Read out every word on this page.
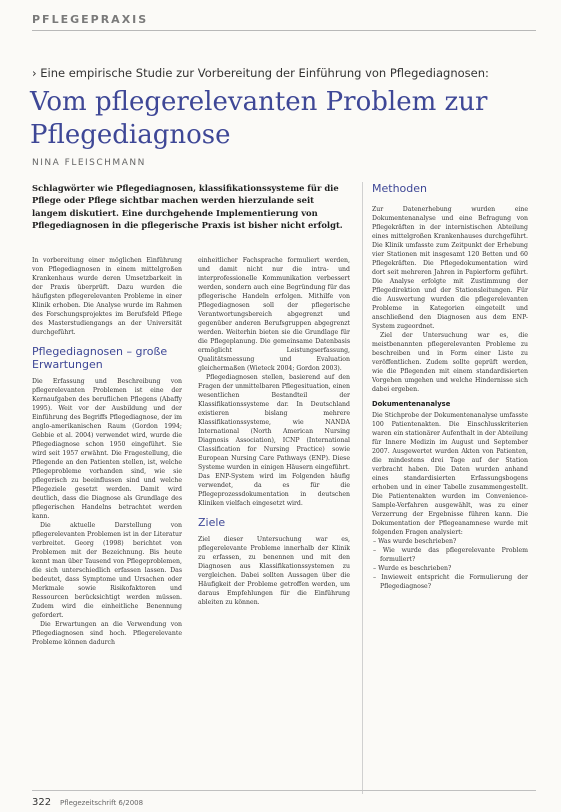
PFLEGEPRAXIS
› Eine empirische Studie zur Vorbereitung der Einführung von Pflegediagnosen:
Vom pflegerelevanten Problem zur Pflegediagnose
NINA FLEISCHMANN
Schlagwörter wie Pflegediagnosen, klassifikationssysteme für die Pflege oder Pflege sichtbar machen werden hierzulande seit langem diskutiert. Eine durchgehende Implementierung von Pflegediagnosen in die pflegerische Praxis ist bisher nicht erfolgt.

In vorbereitung einer möglichen Einführung von Pflegediagnosen in einem mittelgroßen Krankenhaus wurde deren Umsetzbarkeit in der Praxis überprüft. Dazu wurden die häufigsten pflegerelevanten Probleme in einer Klinik erhoben. Die Analyse wurde im Rahmen des Forschungsprojektes im Berufsfeld Pflege des Masterstudiengangs an der Universität durchgeführt.

Pflegediagnosen – große Erwartungen

Die Erfassung und Beschreibung von pflegerelevanten Problemen ist eine der Kernaufgaben des beruflichen Pflegens (Abaffy 1995). Weit vor der Ausbildung und der Einführung des Begriffs Pflegediagnose, der im anglo-amerikanischen Raum (Gordon 1994; Gebbie et al. 2004) verwendet wird, wurde die Pflegediagnose schon 1950 eingeführt. Sie wird seit 1957 erwähnt. Die Fragestellung, die Pflegende an den Patienten stellen, ist, welche Pflegeprobleme vorhanden sind, wie sie pflegerisch zu beeinflussen sind und welche Pflegeziele gesetzt werden. Damit wird deutlich, dass die Diagnose als Grundlage des pflegerischen Handelns betrachtet werden kann.

Die aktuelle Darstellung von pflegerelevanten Problemen ist in der Literatur verbreitet. Georg (1998) berichtet von Problemen mit der Bezeichnung. Bis heute kennt man über Tausend von Pflegeproblemen, die sich unterschiedlich erfassen lassen. Das bedeutet, dass Symptome und Ursachen oder Merkmale sowie Risikofaktoren und Ressourcen berücksichtigt werden müssen. Zudem wird die einheitliche Benennung gefordert.

Die Erwartungen an die Verwendung von Pflegediagnosen sind hoch. Pflegerelevante Probleme können dadurch

einheitlicher Fachsprache formuliert werden, und damit nicht nur die intra- und interprofessionelle Kommunikation verbessert werden, sondern auch eine Begründung für das pflegerische Handeln erfolgen. Mithilfe von Pflegediagnosen soll der pflegerische Verantwortungsbereich abgegrenzt und gegenüber anderen Berufsgruppen abgegrenzt werden. Weiterhin bieten sie die Grundlage für die Pflegeplanung. Die gemeinsame Datenbasis ermöglicht Leistungserfassung, Qualitätsmessung und Evaluation gleichermaßen (Wieteck 2004; Gordon 2003).

Pflegediagnosen stellen, basierend auf den Fragen der unmittelbaren Pflegesituation, einen wesentlichen Bestandteil der Klassifikationssysteme dar. In Deutschland existieren bislang mehrere Klassifikationssysteme, wie NANDA International (North American Nursing Diagnosis Association), ICNP (International Classification for Nursing Practice) sowie European Nursing Care Pathways (ENP). Diese Systeme wurden in einigen Häusern eingeführt. Das ENP-System wird im Folgenden häufig verwendet, da es für die Pflegeprozessdokumentation in deutschen Kliniken vielfach eingesetzt wird.

Ziele

Ziel dieser Untersuchung war es, pflegerelevante Probleme innerhalb der Klinik zu erfassen, zu benennen und mit den Diagnosen aus Klassifikationssystemen zu vergleichen. Dabei sollten Aussagen über die Häufigkeit der Probleme getroffen werden, um daraus Empfehlungen für die Einführung ableiten zu können.

Methoden

Zur Datenerhebung wurden eine Dokumentenanalyse und eine Befragung von Pflegekräften in der internistischen Abteilung eines mittelgroßen Krankenhauses durchgeführt. Die Klinik umfasste zum Zeitpunkt der Erhebung vier Stationen mit insgesamt 120 Betten und 60 Pflegekräften. Die Pflegedokumentation wird dort seit mehreren Jahren in Papierform geführt. Die Analyse erfolgte mit Zustimmung der Pflegedirektion und der Stationsleitungen. Für die Auswertung wurden die pflegerelevanten Probleme in Kategorien eingeteilt und anschließend den Diagnosen aus dem ENP-System zugeordnet.

Ziel der Untersuchung war es, die meistbenannten pflegerelevanten Probleme zu beschreiben und in Form einer Liste zu veröffentlichen. Zudem sollte geprüft werden, wie die Pflegenden mit einem standardisierten Vorgehen umgehen und welche Hindernisse sich dabei ergeben.

Dokumentenanalyse

Die Stichprobe der Dokumentenanalyse umfasste 100 Patientenakten. Die Einschlusskriterien waren ein stationärer Aufenthalt in der Abteilung für Innere Medizin im August und September 2007. Ausgewertet wurden Akten von Patienten, die mindestens drei Tage auf der Station verbracht haben. Die Daten wurden anhand eines standardisierten Erfassungsbogens erhoben und in einer Tabelle zusammengestellt. Die Patientenakten wurden im Convenience-Sample-Verfahren ausgewählt, was zu einer Verzerrung der Ergebnisse führen kann. Die Dokumentation der Pflegeanamnese wurde mit folgenden Fragen analysiert:

– Was wurde beschrieben?
– Wie wurde das pflegerelevante Problem formuliert?
– Wurde es beschrieben?
– Inwieweit entspricht die Formulierung der Pflegediagnose?
322 Pflegezeitschrift 6/2008
